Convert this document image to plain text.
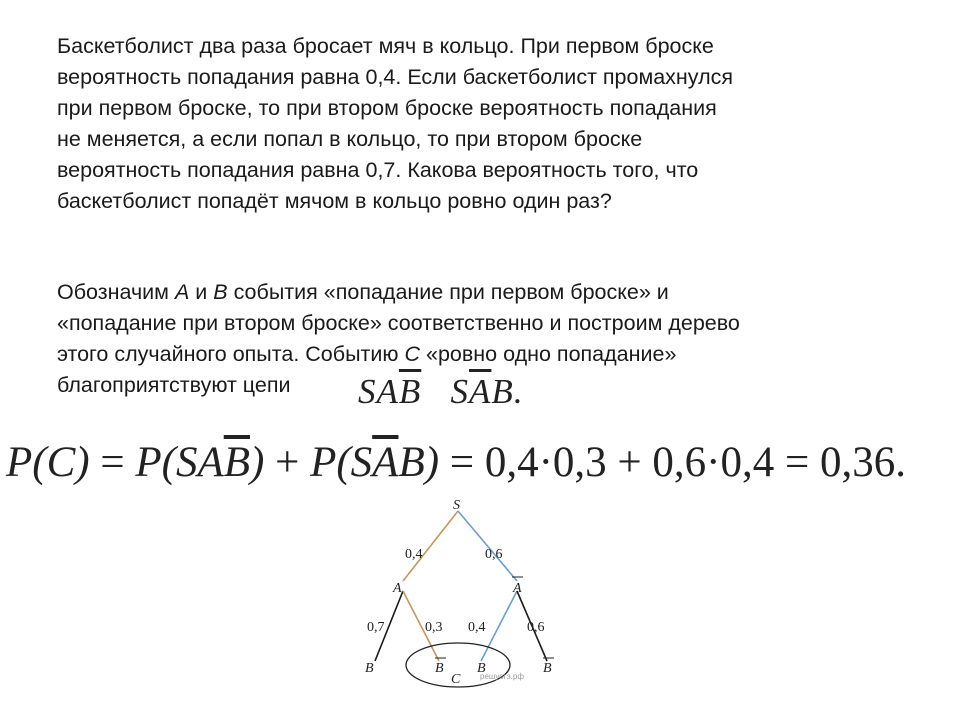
Баскетболист два раза бросает мяч в кольцо. При первом броске
вероятность попадания равна 0,4. Если баскетболист промахнулся
при первом броске, то при втором броске вероятность попадания
не меняется, а если попал в кольцо, то при втором броске
вероятность попадания равна 0,7. Какова вероятность того, что
баскетболист попадёт мячом в кольцо ровно один раз?
Обозначим A и B события «попадание при первом броске» и
«попадание при втором броске» соответственно и построим дерево
этого случайного опыта. Событию C «ровно одно попадание»
благоприятствуют цепи	$SA\overline{B}$ $S\overline{A}B$.
$P(C) = P(SA\overline{B}) + P(S\overline{A}B) = 0,4\cdot 0,3 + 0,6\cdot 0,4 = 0,36$.
S
A	A
B	B B	B
C
0,4	0,6
0,7	0,3 0,4	0,6
решуогэ.рф
